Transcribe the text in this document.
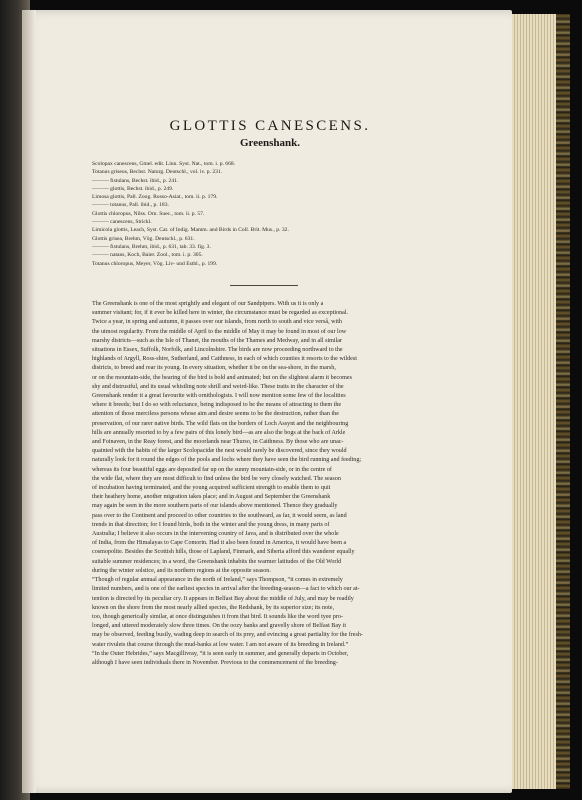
GLOTTIS CANESCENS.
Greenshank.
Scolopax canescens, Gmel. edit. Linn. Syst. Nat., tom. i. p. 668.
Totanus griseus, Bechst. Naturg. Deutschl., vol. iv. p. 231.
——— fistulans, Bechst. ibid., p. 241.
——— glottis, Bechst. ibid., p. 249.
Limosa glottis, Pall. Zoog. Rosso-Asiat., tom. ii. p. 179.
——— totanus, Pall. ibid., p. 183.
Glottis chloropus, Nilss. Orn. Suec., tom. ii. p. 57.
——— canescens, Strickl.
Limicola glottis, Leach, Syst. Cat. of Indig. Mamm. and Birds in Coll. Brit. Mus., p. 32.
Glottis grisea, Brehm, Vög. Deutschl., p. 631.
——— fistulans, Brehm, ibid., p. 631, tab. 33. fig. 3.
——— natans, Koch, Baier. Zool., tom. i. p. 305.
Totanus chloropus, Meyer, Vög. Liv- und Esthl., p. 199.
The Greenshank is one of the most sprightly and elegant of our Sandpipers. With us it is only a
summer visitant; for, if it ever be killed here in winter, the circumstance must be regarded as exceptional.
Twice a year, in spring and autumn, it passes over our islands, from north to south and vice versâ, with
the utmost regularity. From the middle of April to the middle of May it may be found in most of our low
marshy districts—such as the Isle of Thanet, the mouths of the Thames and Medway, and in all similar
situations in Essex, Suffolk, Norfolk, and Lincolnshire. The birds are now proceeding northward to the
highlands of Argyll, Ross-shire, Sutherland, and Caithness, in each of which counties it resorts to the wildest
districts, to breed and rear its young. In every situation, whether it be on the sea-shore, in the marsh,
or on the mountain-side, the bearing of the bird is bold and animated; but on the slightest alarm it becomes
shy and distrustful, and its usual whistling note shrill and weird-like. These traits in the character of the
Greenshank render it a great favourite with ornithologists. I will now mention some few of the localities
where it breeds; but I do so with reluctance, being indisposed to be the means of attracting to them the
attention of those merciless persons whose aim and desire seems to be the destruction, rather than the
preservation, of our rarer native birds. The wild flats on the borders of Loch Assynt and the neighbouring
hills are annually resorted to by a few pairs of this lonely bird—as are also the bogs at the back of Arkle
and Foinaven, in the Reay forest, and the moorlands near Thurso, in Caithness. By those who are unac-
quainted with the habits of the larger Scolopacidæ the nest would rarely be discovered, since they would
naturally look for it round the edges of the pools and lochs where they have seen the bird running and feeding;
whereas its four beautiful eggs are deposited far up on the sunny mountain-side, or in the centre of
the wide flat, where they are most difficult to find unless the bird be very closely watched. The season
of incubation having terminated, and the young acquired sufficient strength to enable them to quit
their heathery home, another migration takes place; and in August and September the Greenshank
may again be seen in the more southern parts of our islands above mentioned. Thence they gradually
pass over to the Continent and proceed to other countries to the southward, as far, it would seem, as land
trends in that direction; for I found birds, both in the winter and the young dress, in many parts of
Australia; I believe it also occurs in the intervening country of Java, and is distributed over the whole
of India, from the Himalayas to Cape Comorin. Had it also been found in America, it would have been a
cosmopolite. Besides the Scottish hills, those of Lapland, Finmark, and Siberia afford this wanderer equally
suitable summer residences; in a word, the Greenshank inhabits the warmer latitudes of the Old World
during the winter solstice, and its northern regions at the opposite season.
“Though of regular annual appearance in the north of Ireland,” says Thompson, “it comes in extremely
limited numbers, and is one of the earliest species in arrival after the breeding-season—a fact to which our at-
tention is directed by its peculiar cry. It appears in Belfast Bay about the middle of July, and may be readily
known on the shore from the most nearly allied species, the Redshank, by its superior size; its note,
too, though generically similar, at once distinguishes it from that bird. It sounds like the word tyee pro-
longed, and uttered moderately slow three times. On the oozy banks and gravelly shore of Belfast Bay it
may be observed, feeding busily, wading deep in search of its prey, and evincing a great partiality for the fresh-
water rivulets that course through the mud-banks at low water. I am not aware of its breeding in Ireland.”
“In the Outer Hebrides,” says Macgillivray, “it is seen early in summer, and generally departs in October,
although I have seen individuals there in November. Previous to the commencement of the breeding-
